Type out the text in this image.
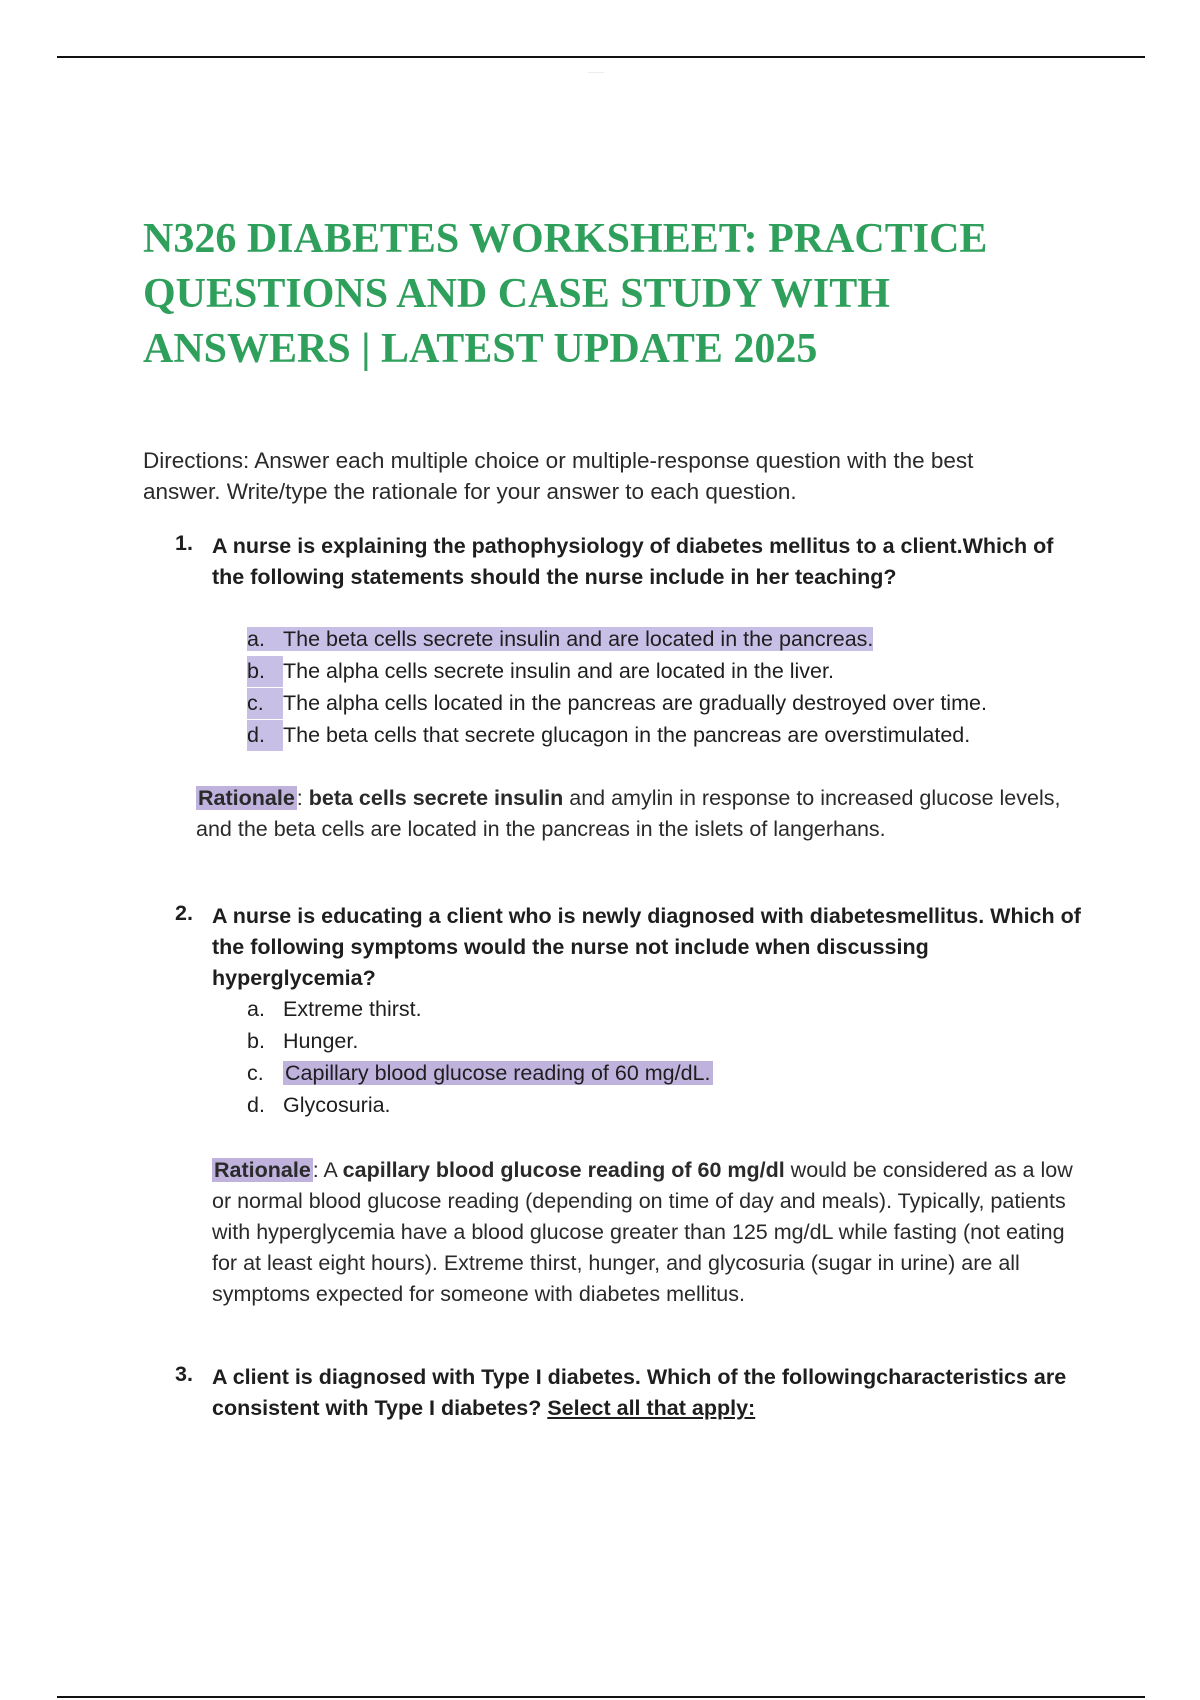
········
N326 DIABETES WORKSHEET: PRACTICE QUESTIONS AND CASE STUDY WITH ANSWERS | LATEST UPDATE 2025

Directions: Answer each multiple choice or multiple-response question with the best answer. Write/type the rationale for your answer to each question.

1. A nurse is explaining the pathophysiology of diabetes mellitus to a client.Which of the following statements should the nurse include in her teaching?

a. The beta cells secrete insulin and are located in the pancreas.
b. The alpha cells secrete insulin and are located in the liver.
c. The alpha cells located in the pancreas are gradually destroyed over time.
d. The beta cells that secrete glucagon in the pancreas are overstimulated.

Rationale: beta cells secrete insulin and amylin in response to increased glucose levels, and the beta cells are located in the pancreas in the islets of langerhans.

2. A nurse is educating a client who is newly diagnosed with diabetesmellitus. Which of the following symptoms would the nurse not include when discussing hyperglycemia?

a. Extreme thirst.
b. Hunger.
c. Capillary blood glucose reading of 60 mg/dL.
d. Glycosuria.

Rationale: A capillary blood glucose reading of 60 mg/dl would be considered as a low or normal blood glucose reading (depending on time of day and meals). Typically, patients with hyperglycemia have a blood glucose greater than 125 mg/dL while fasting (not eating for at least eight hours). Extreme thirst, hunger, and glycosuria (sugar in urine) are all symptoms expected for someone with diabetes mellitus.

3. A client is diagnosed with Type I diabetes. Which of the followingcharacteristics are consistent with Type I diabetes? Select all that apply:
